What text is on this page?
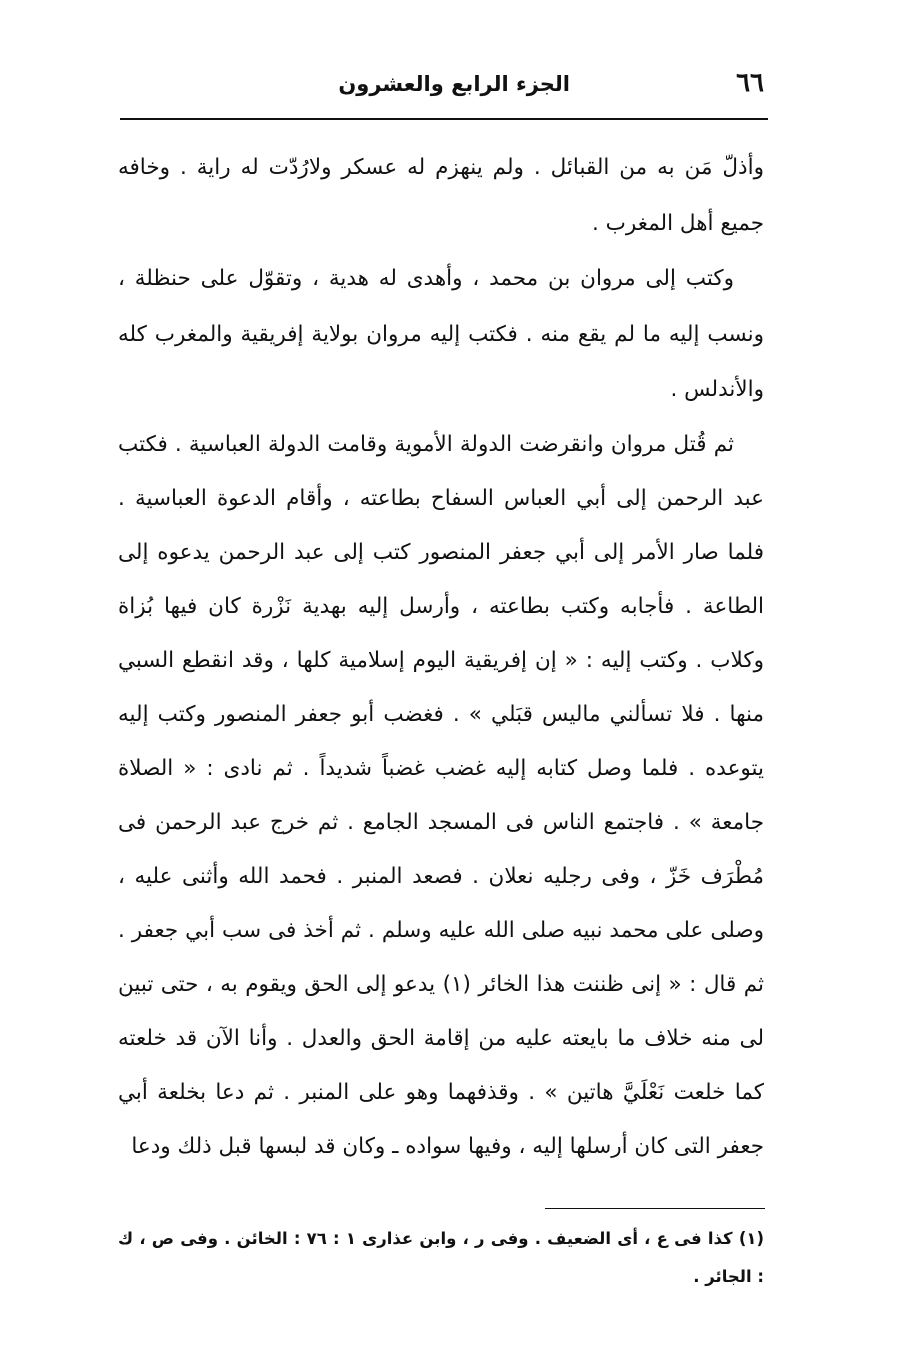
٦٦
الجزء الرابع والعشرون

وأذلّ مَن به من القبائل . ولم ينهزم له عسكر ولارُدّت له راية . وخافه جميع أهل المغرب .

وكتب إلى مروان بن محمد ، وأهدى له هدية ، وتقوّل على حنظلة ، ونسب إليه ما لم يقع منه . فكتب إليه مروان بولاية إفريقية والمغرب كله والأندلس .

ثم قُتل مروان وانقرضت الدولة الأموية وقامت الدولة العباسية . فكتب عبد الرحمن إلى أبي العباس السفاح بطاعته ، وأقام الدعوة العباسية . فلما صار الأمر إلى أبي جعفر المنصور كتب إلى عبد الرحمن يدعوه إلى الطاعة . فأجابه وكتب بطاعته ، وأرسل إليه بهدية نَزْرة كان فيها بُزاة وكلاب . وكتب إليه : « إن إفريقية اليوم إسلامية كلها ، وقد انقطع السبي منها . فلا تسألني ماليس قبَلي » . فغضب أبو جعفر المنصور وكتب إليه يتوعده . فلما وصل كتابه إليه غضب غضباً شديداً . ثم نادى : « الصلاة جامعة » . فاجتمع الناس فى المسجد الجامع . ثم خرج عبد الرحمن فى مُطْرَف خَزّ ، وفى رجليه نعلان . فصعد المنبر . فحمد الله وأثنى عليه ، وصلى على محمد نبيه صلى الله عليه وسلم . ثم أخذ فى سب أبي جعفر . ثم قال : « إنى ظننت هذا الخائر (١) يدعو إلى الحق ويقوم به ، حتى تبين لى منه خلاف ما بايعته عليه من إقامة الحق والعدل . وأنا الآن قد خلعته كما خلعت نَعْلَيَّ هاتين » . وقذفهما وهو على المنبر . ثم دعا بخلعة أبي جعفر التى كان أرسلها إليه ، وفيها سواده ـ وكان قد لبسها قبل ذلك ودعا

(١) كذا فى ع ، أى الضعيف . وفى ر ، وابن عذارى ١ : ٧٦ : الخائن . وفى ص ، ك : الجائر .
